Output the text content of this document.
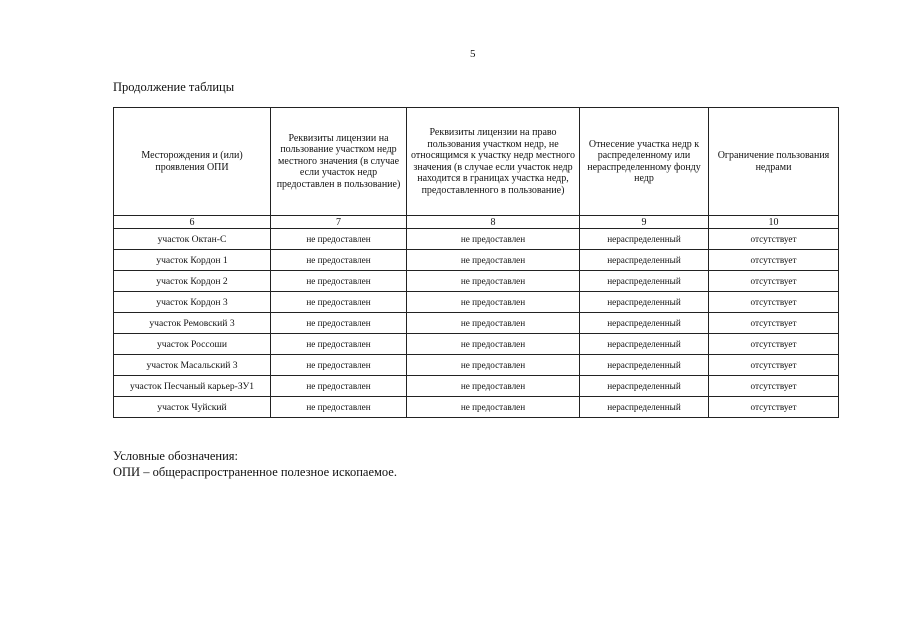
5
Продолжение таблицы
Месторождения и (или) проявления ОПИ	Реквизиты лицензии на пользование участком недр местного значения (в случае если участок недр предоставлен в пользование)	Реквизиты лицензии на право пользования участком недр, не относящимся к участку недр местного значения (в случае если участок недр находится в границах участка недр, предоставленного в пользование)	Отнесение участка недр к распределенному или нераспределенному фонду недр	Ограничение пользования недрами
6	7	8	9	10
участок Октан-С	не предоставлен	не предоставлен	нераспределенный	отсутствует
участок Кордон 1	не предоставлен	не предоставлен	нераспределенный	отсутствует
участок Кордон 2	не предоставлен	не предоставлен	нераспределенный	отсутствует
участок Кордон 3	не предоставлен	не предоставлен	нераспределенный	отсутствует
участок Ремовский 3	не предоставлен	не предоставлен	нераспределенный	отсутствует
участок Россоши	не предоставлен	не предоставлен	нераспределенный	отсутствует
участок Масальский 3	не предоставлен	не предоставлен	нераспределенный	отсутствует
участок Песчаный карьер-ЗУ1	не предоставлен	не предоставлен	нераспределенный	отсутствует
участок Чуйский	не предоставлен	не предоставлен	нераспределенный	отсутствует
Условные обозначения:
ОПИ – общераспространенное полезное ископаемое.
